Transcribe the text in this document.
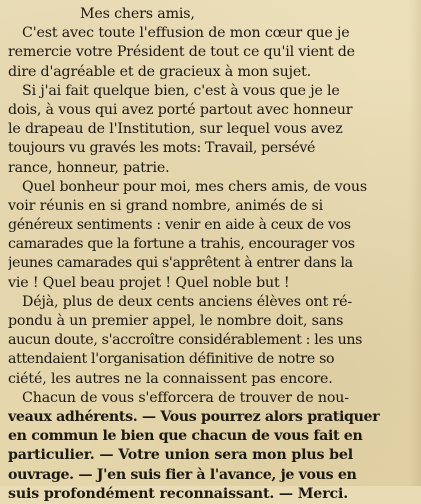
Mes chers amis,

C'est avec toute l'effusion de mon cœur que je

remercie votre Président de tout ce qu'il vient de

dire d'agréable et de gracieux à mon sujet.

Si j'ai fait quelque bien, c'est à vous que je le

dois, à vous qui avez porté partout avec honneur

le drapeau de l'Institution, sur lequel vous avez

toujours vu gravés les mots: Travail, persévé

rance, honneur, patrie.

Quel bonheur pour moi, mes chers amis, de vous

voir réunis en si grand nombre, animés de si

généreux sentiments : venir en aide à ceux de vos

camarades que la fortune a trahis, encourager vos

jeunes camarades qui s'apprêtent à entrer dans la

vie ! Quel beau projet ! Quel noble but !

Déjà, plus de deux cents anciens élèves ont ré-

pondu à un premier appel, le nombre doit, sans

aucun doute, s'accroître considérablement : les uns

attendaient l'organisation définitive de notre so

ciété, les autres ne la connaissent pas encore.

Chacun de vous s'efforcera de trouver de nou-

veaux adhérents. — Vous pourrez alors pratiquer

en commun le bien que chacun de vous fait en

particulier. — Votre union sera mon plus bel

ouvrage. — J'en suis fier à l'avance, je vous en

suis profondément reconnaissant. — Merci.
